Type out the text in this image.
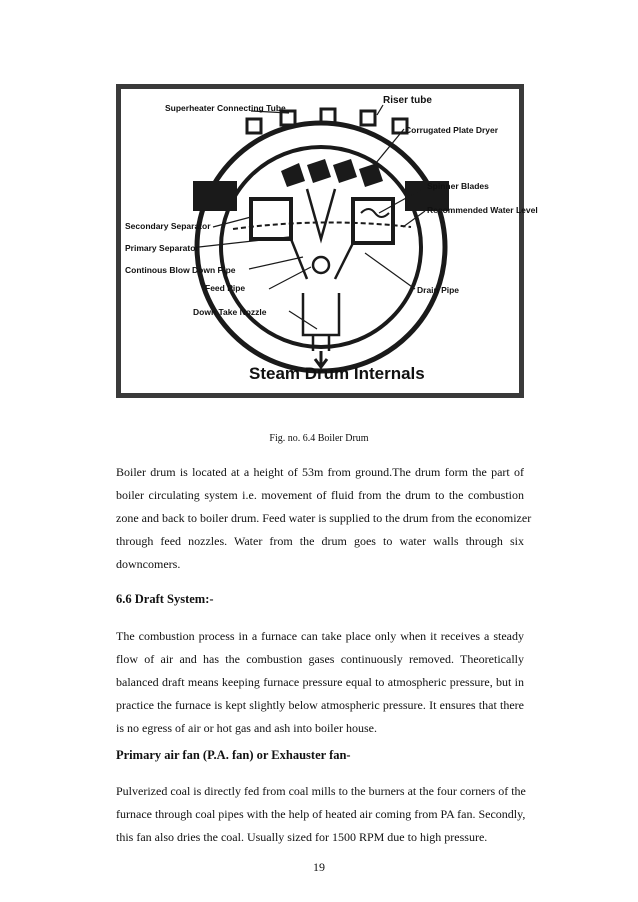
Superheater Connecting Tube
Riser tube
Corrugated Plate Dryer
Spinner Blades
Recommended Water Level
Secondary Separator
Primary Separator
Continous Blow Down Pipe
Feed Pipe	Drain Pipe
Down Take Nozzle
Steam Drum Internals
Fig. no. 6.4 Boiler Drum

Boiler drum is located at a height of 53m from ground.The drum form the part of
boiler circulating system i.e. movement of fluid from the drum to the combustion
zone and back to boiler drum. Feed water is supplied to the drum from the economizer
through feed nozzles. Water from the drum goes to water walls through six
downcomers.

6.6 Draft System:-

The combustion process in a furnace can take place only when it receives a steady
flow of air and has the combustion gases continuously removed. Theoretically
balanced draft means keeping furnace pressure equal to atmospheric pressure, but in
practice the furnace is kept slightly below atmospheric pressure. It ensures that there
is no egress of air or hot gas and ash into boiler house.

Primary air fan (P.A. fan) or Exhauster fan-

Pulverized coal is directly fed from coal mills to the burners at the four corners of the
furnace through coal pipes with the help of heated air coming from PA fan. Secondly,
this fan also dries the coal. Usually sized for 1500 RPM due to high pressure.

19
